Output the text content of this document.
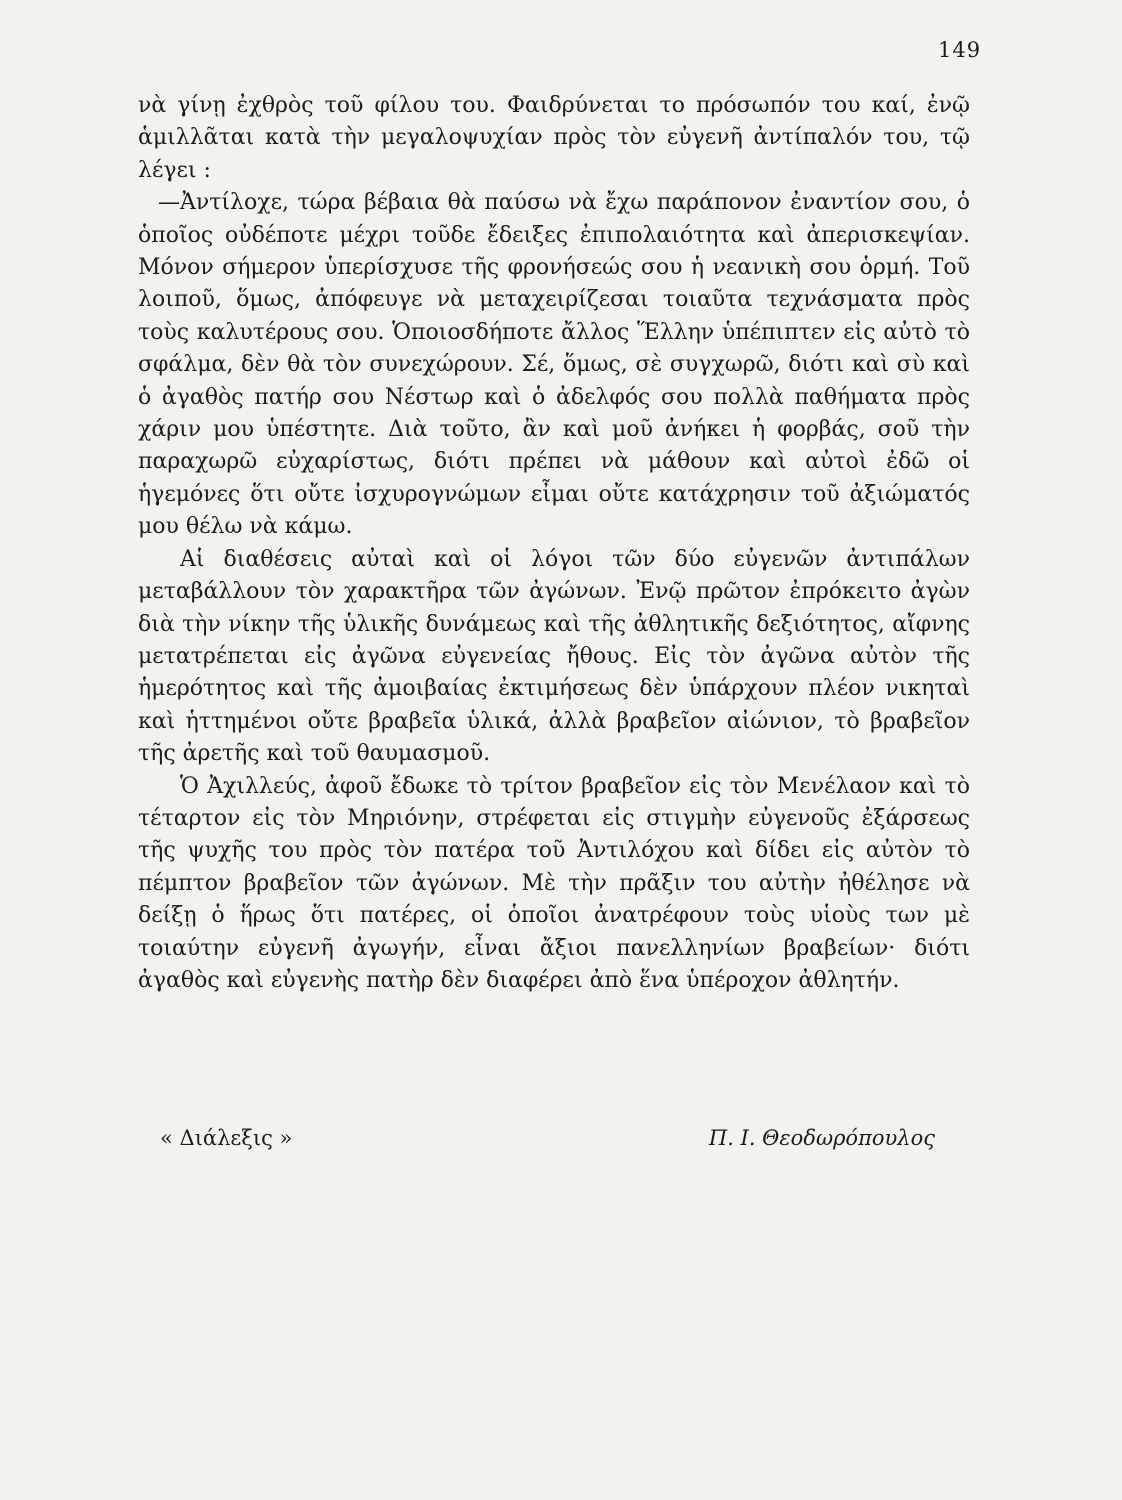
149

νὰ γίνῃ ἐχθρὸς τοῦ φίλου του. Φαιδρύνεται το πρόσωπόν του καί, ἐνῷ ἁμιλλᾶται κατὰ τὴν μεγαλοψυχίαν πρὸς τὸν εὐγενῆ ἀντίπαλόν του, τῷ λέγει :

—Ἀντίλοχε, τώρα βέβαια θὰ παύσω νὰ ἔχω παράπονον ἐναντίον σου, ὁ ὁποῖος οὐδέποτε μέχρι τοῦδε ἔδειξες ἐπιπολαιότητα καὶ ἀπερισκεψίαν. Μόνον σήμερον ὑπερίσχυσε τῆς φρονήσεώς σου ἡ νεανικὴ σου ὁρμή. Τοῦ λοιποῦ, ὅμως, ἀπόφευγε νὰ μεταχειρίζεσαι τοιαῦτα τεχνάσματα πρὸς τοὺς καλυτέρους σου. Ὁποιοσδήποτε ἄλλος Ἕλλην ὑπέπιπτεν εἰς αὐτὸ τὸ σφάλμα, δὲν θὰ τὸν συνεχώρουν. Σέ, ὅμως, σὲ συγχωρῶ, διότι καὶ σὺ καὶ ὁ ἀγαθὸς πατήρ σου Νέστωρ καὶ ὁ ἀδελφός σου πολλὰ παθήματα πρὸς χάριν μου ὑπέστητε. Διὰ τοῦτο, ἂν καὶ μοῦ ἀνήκει ἡ φορβάς, σοῦ τὴν παραχωρῶ εὐχαρίστως, διότι πρέπει νὰ μάθουν καὶ αὐτοὶ ἐδῶ οἱ ἡγεμόνες ὅτι οὔτε ἰσχυρογνώμων εἶμαι οὔτε κατάχρησιν τοῦ ἀξιώματός μου θέλω νὰ κάμω.

Αἱ διαθέσεις αὐταὶ καὶ οἱ λόγοι τῶν δύο εὐγενῶν ἀντιπάλων μεταβάλλουν τὸν χαρακτῆρα τῶν ἀγώνων. Ἐνῷ πρῶτον ἐπρόκειτο ἀγὼν διὰ τὴν νίκην τῆς ὑλικῆς δυνάμεως καὶ τῆς ἀθλητικῆς δεξιότητος, αἴφνης μετατρέπεται εἰς ἀγῶνα εὐγενείας ἤθους. Εἰς τὸν ἀγῶνα αὐτὸν τῆς ἡμερότητος καὶ τῆς ἀμοιβαίας ἐκτιμήσεως δὲν ὑπάρχουν πλέον νικηταὶ καὶ ἡττημένοι οὔτε βραβεῖα ὑλικά, ἀλλὰ βραβεῖον αἰώνιον, τὸ βραβεῖον τῆς ἀρετῆς καὶ τοῦ θαυμασμοῦ.

Ὁ Ἀχιλλεύς, ἀφοῦ ἔδωκε τὸ τρίτον βραβεῖον εἰς τὸν Μενέλαον καὶ τὸ τέταρτον εἰς τὸν Μηριόνην, στρέφεται εἰς στιγμὴν εὐγενοῦς ἐξάρσεως τῆς ψυχῆς του πρὸς τὸν πατέρα τοῦ Ἀντιλόχου καὶ δίδει εἰς αὐτὸν τὸ πέμπτον βραβεῖον τῶν ἀγώνων. Μὲ τὴν πρᾶξιν του αὐτὴν ἠθέλησε νὰ δείξῃ ὁ ἥρως ὅτι πατέρες, οἱ ὁποῖοι ἀνατρέφουν τοὺς υἱοὺς των μὲ τοιαύτην εὐγενῆ ἀγωγήν, εἶναι ἄξιοι πανελληνίων βραβείων· διότι ἀγαθὸς καὶ εὐγενὴς πατὴρ δὲν διαφέρει ἀπὸ ἕνα ὑπέροχον ἀθλητήν.

« Διάλεξις »	Π. Ι. Θεοδωρόπουλος
